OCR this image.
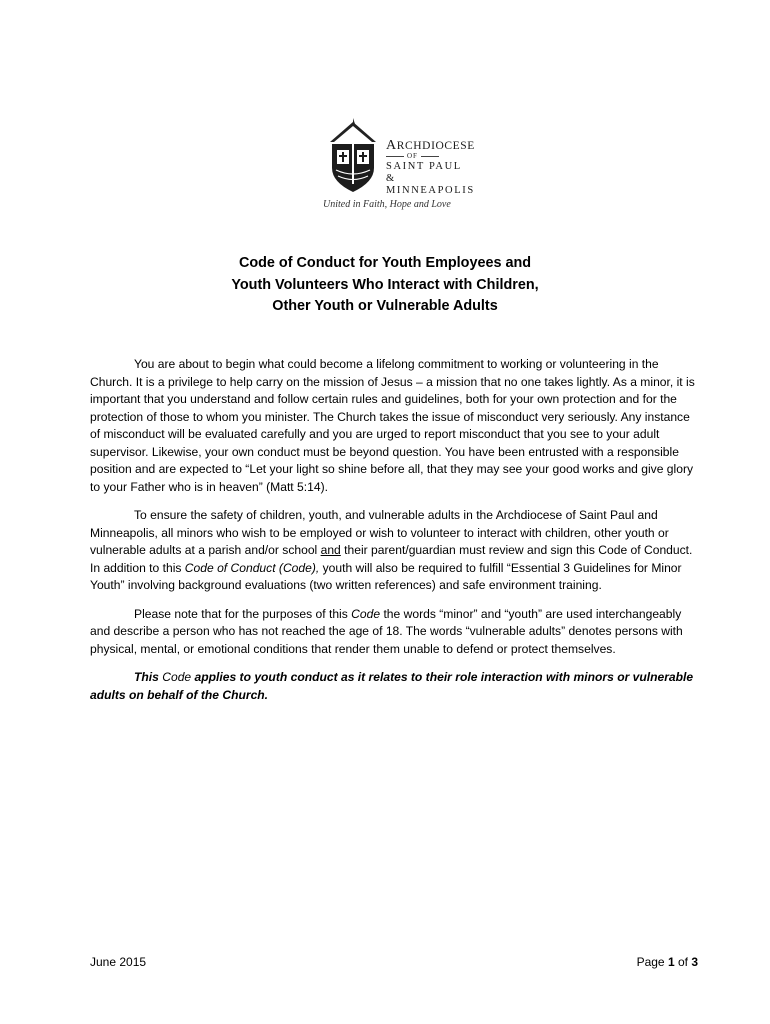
ARCHDIOCESE
OF
SAINT PAUL &
MINNEAPOLIS
United in Faith, Hope and Love
Code of Conduct for Youth Employees and
Youth Volunteers Who Interact with Children,
Other Youth or Vulnerable Adults

You are about to begin what could become a lifelong commitment to working or volunteering in the Church. It is a privilege to help carry on the mission of Jesus – a mission that no one takes lightly. As a minor, it is important that you understand and follow certain rules and guidelines, both for your own protection and for the protection of those to whom you minister. The Church takes the issue of misconduct very seriously. Any instance of misconduct will be evaluated carefully and you are urged to report misconduct that you see to your adult supervisor. Likewise, your own conduct must be beyond question. You have been entrusted with a responsible position and are expected to “Let your light so shine before all, that they may see your good works and give glory to your Father who is in heaven” (Matt 5:14).

To ensure the safety of children, youth, and vulnerable adults in the Archdiocese of Saint Paul and Minneapolis, all minors who wish to be employed or wish to volunteer to interact with children, other youth or vulnerable adults at a parish and/or school and their parent/guardian must review and sign this Code of Conduct. In addition to this Code of Conduct (Code), youth will also be required to fulfill “Essential 3 Guidelines for Minor Youth” involving background evaluations (two written references) and safe environment training.

Please note that for the purposes of this Code the words “minor” and “youth” are used interchangeably and describe a person who has not reached the age of 18. The words “vulnerable adults” denotes persons with physical, mental, or emotional conditions that render them unable to defend or protect themselves.

This Code applies to youth conduct as it relates to their role interaction with minors or vulnerable adults on behalf of the Church.

June 2015	Page 1 of 3
